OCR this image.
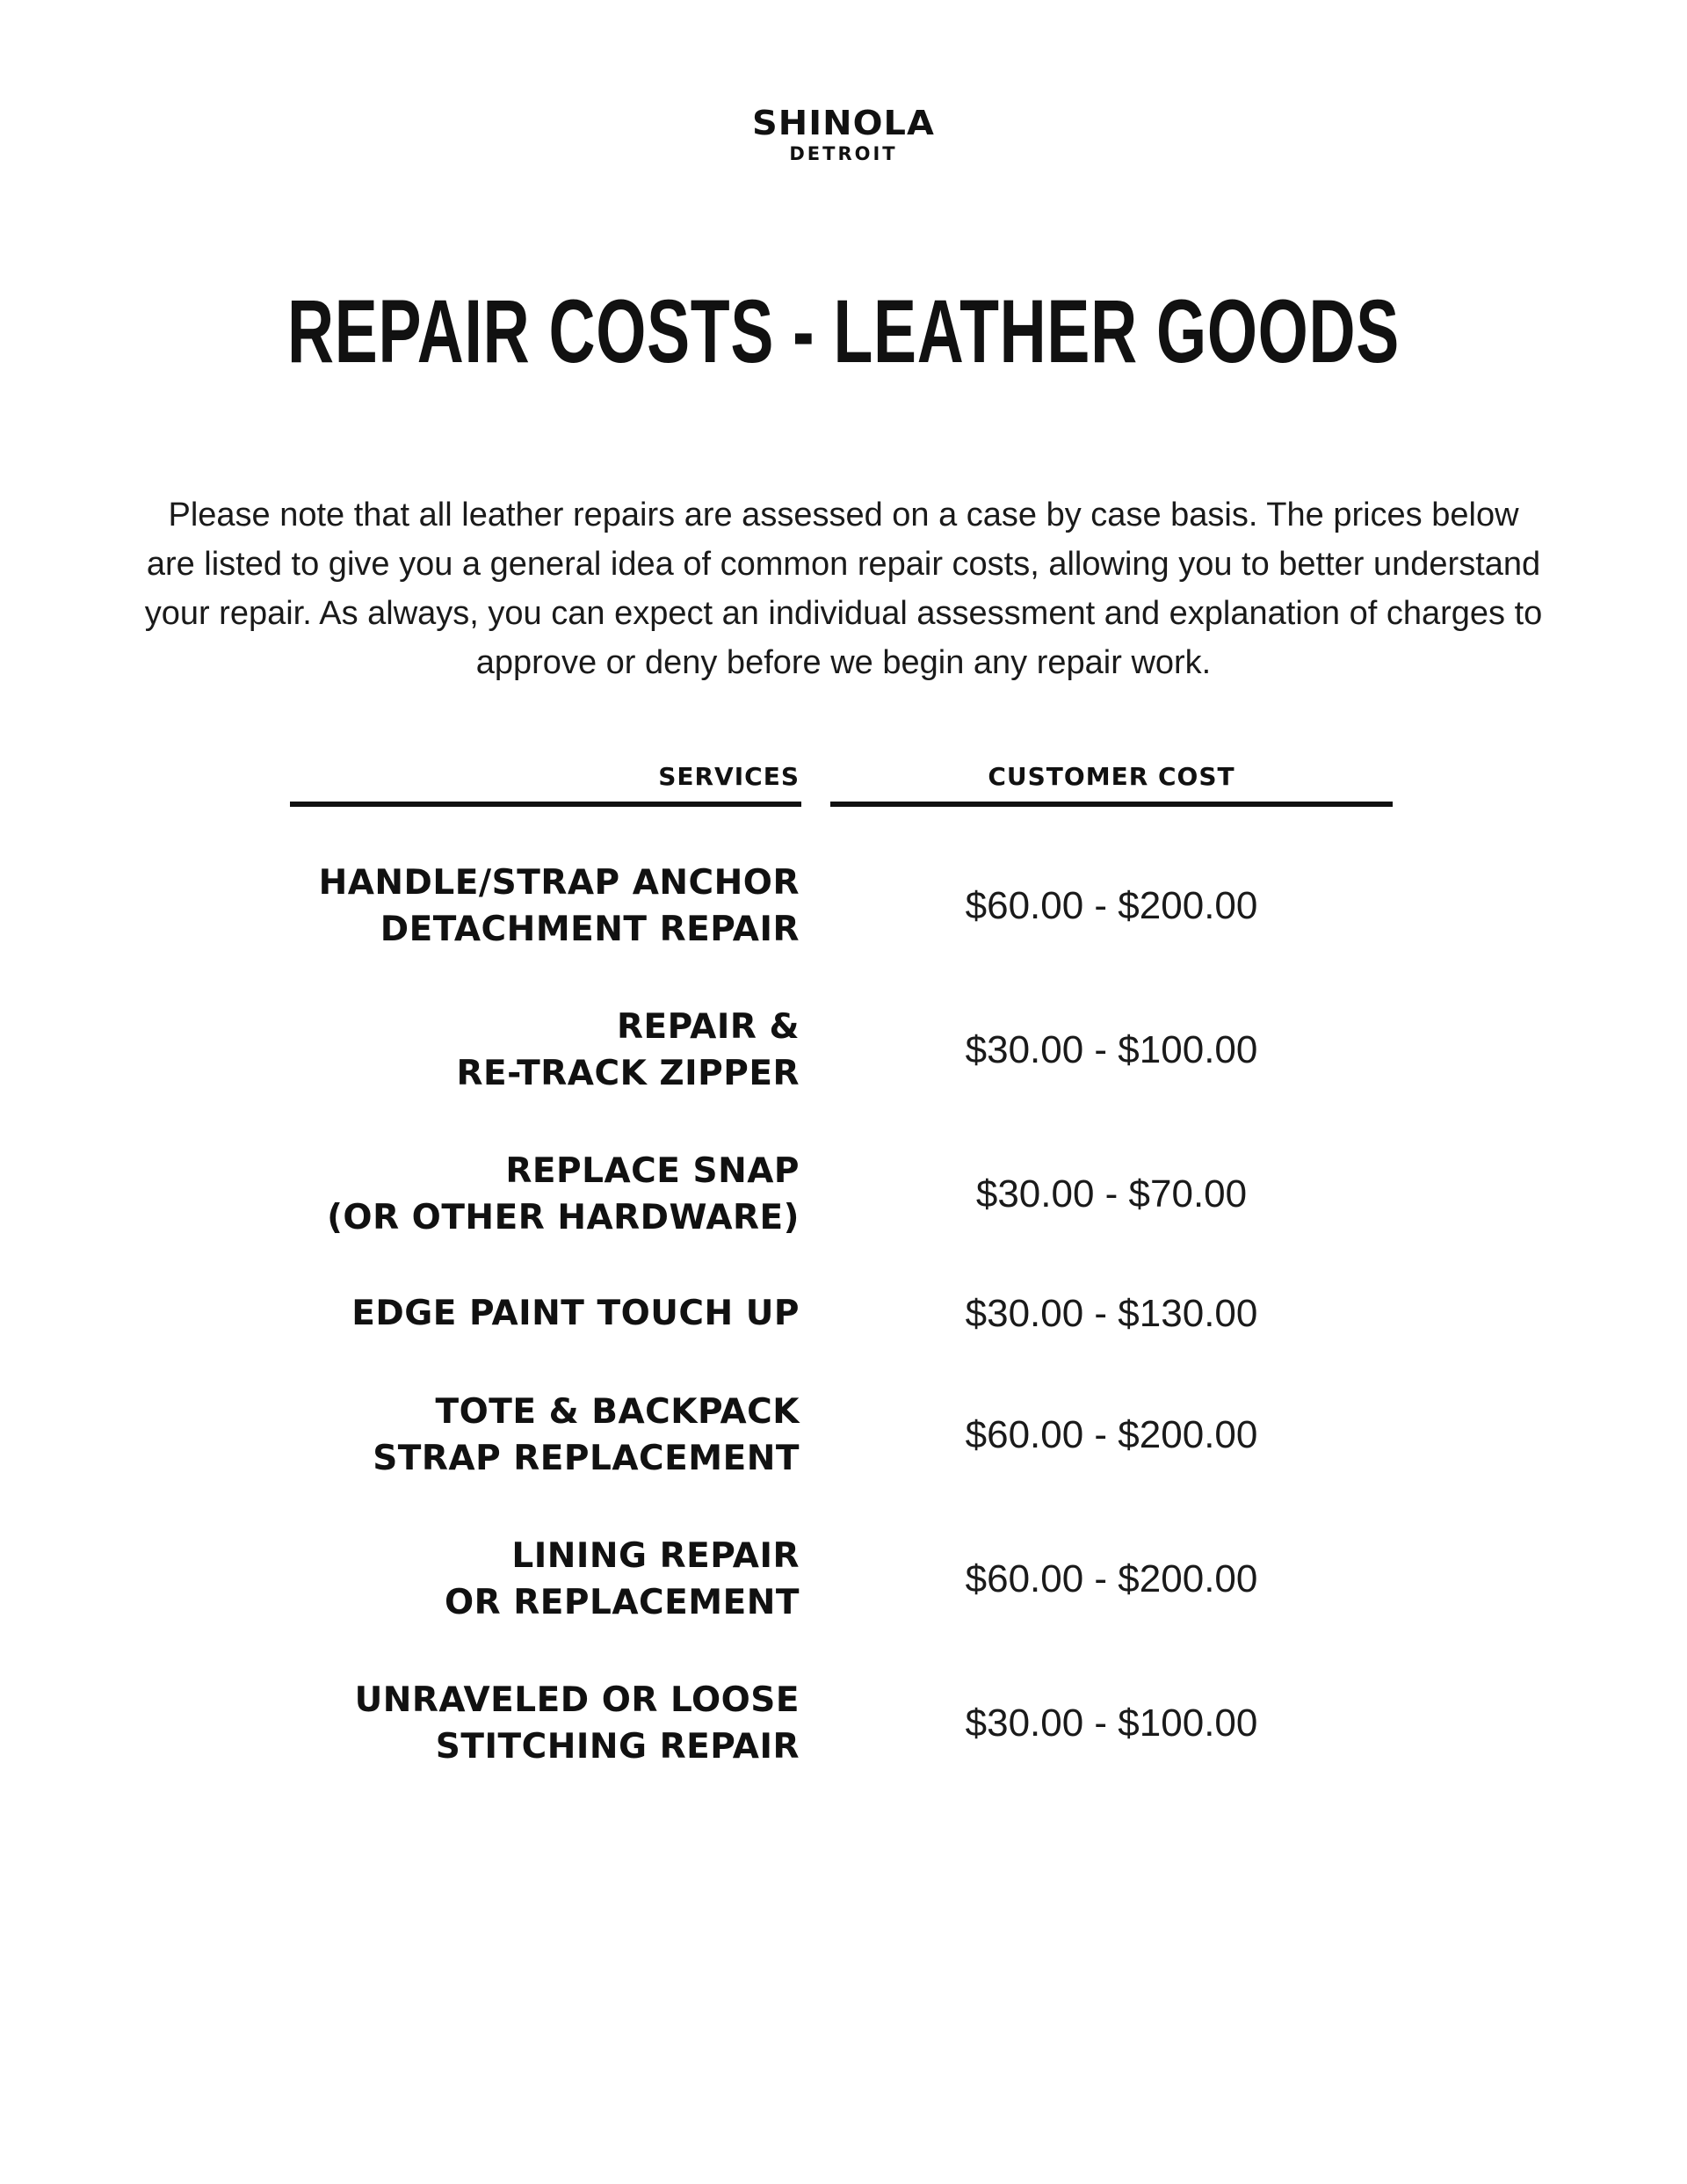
SHINOLA
DETROIT
REPAIR COSTS - LEATHER GOODS

Please note that all leather repairs are assessed on a case by case basis. The prices below are listed to give you a general idea of common repair costs, allowing you to better understand your repair. As always, you can expect an individual assessment and explanation of charges to approve or deny before we begin any repair work.

SERVICES	CUSTOMER COST
HANDLE/STRAP ANCHOR
DETACHMENT REPAIR
$60.00 - $200.00
REPAIR &
RE-TRACK ZIPPER
$30.00 - $100.00
REPLACE SNAP
(OR OTHER HARDWARE)
$30.00 - $70.00
EDGE PAINT TOUCH UP	$30.00 - $130.00
TOTE & BACKPACK
STRAP REPLACEMENT
$60.00 - $200.00
LINING REPAIR
OR REPLACEMENT
$60.00 - $200.00
UNRAVELED OR LOOSE
STITCHING REPAIR
$30.00 - $100.00
